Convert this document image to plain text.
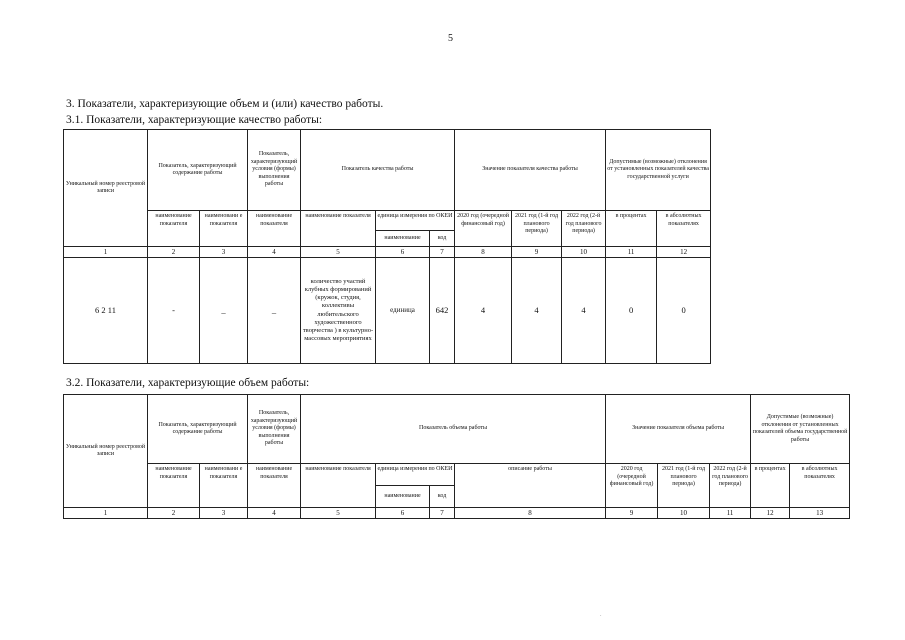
5
3. Показатели, характеризующие объем и (или) качество работы.
3.1. Показатели, характеризующие качество работы:
Уникальный номер реестровой записи	Показатель, характеризующий содержание работы		Показатель, характеризующий условия (формы) выполнения работы	Показатель качества работы			Значение показателя качества работы			Допустимые (возможные) отклонения от установленных показателей качества государственной услуги	
	наименование показателя	наименовани е показателя	наименование показателя	наименование показателя	единица измерения по ОКЕИ		2020 год (очередной финансовый год)	2021 год (1-й год планового периода)	2022 год (2-й год планового периода)	в процентах	в абсолютных показателях
					наименование	код					
1	2	3	4	5	6	7	8	9	10	11	12
6 2 11	-	_	_	количество участий клубных формирований (кружок, студия, коллективы любительского художественного творчества ) в культурно-массовых мероприятиях	единица	642	4	4	4	0	0
3.2. Показатели, характеризующие объем работы:
Уникальный номер реестровой записи	Показатель, характеризующий содержание работы		Показатель, характеризующий условия (формы) выполнения работы	Показатель объема работы				Значение показателя объема работы			Допустимые (возможные) отклонения от установленных показателей объема государственной работы	
	наименование показателя	наименовани е показателя	наименование показателя	наименование показателя	единица измерения по ОКЕИ		описание работы	2020 год (очередной финансовый год)	2021 год (1-й год планового периода)	2022 год (2-й год планового периода)	в процентах	в абсолютных показателях
					наименование	код						
1	2	3	4	5	6	7	8	9	10	11	12	13
.
